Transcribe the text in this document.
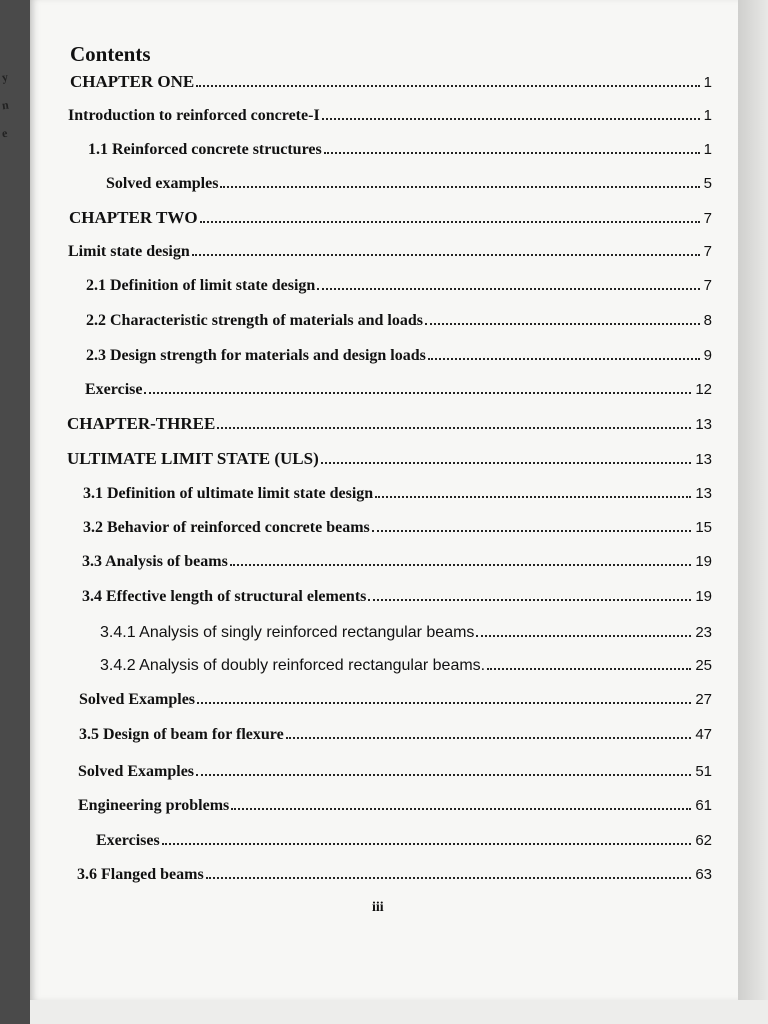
y
n
e
Contents
CHAPTER ONE	1
Introduction to reinforced concrete-I	1
1.1 Reinforced concrete structures	1
Solved examples	5
CHAPTER TWO	7
Limit state design	7
2.1 Definition of limit state design	7
2.2 Characteristic strength of materials and loads	8
2.3 Design strength for materials and design loads	9
Exercise	12
CHAPTER-THREE	13
ULTIMATE LIMIT STATE (ULS)	13
3.1 Definition of ultimate limit state design	13
3.2 Behavior of reinforced concrete beams	15
3.3 Analysis of beams	19
3.4 Effective length of structural elements	19
3.4.1 Analysis of singly reinforced rectangular beams	23
3.4.2 Analysis of doubly reinforced rectangular beams.	25
Solved Examples	27
3.5 Design of beam for flexure	47
Solved Examples	51
Engineering problems	61
Exercises	62
3.6 Flanged beams	63
iii
